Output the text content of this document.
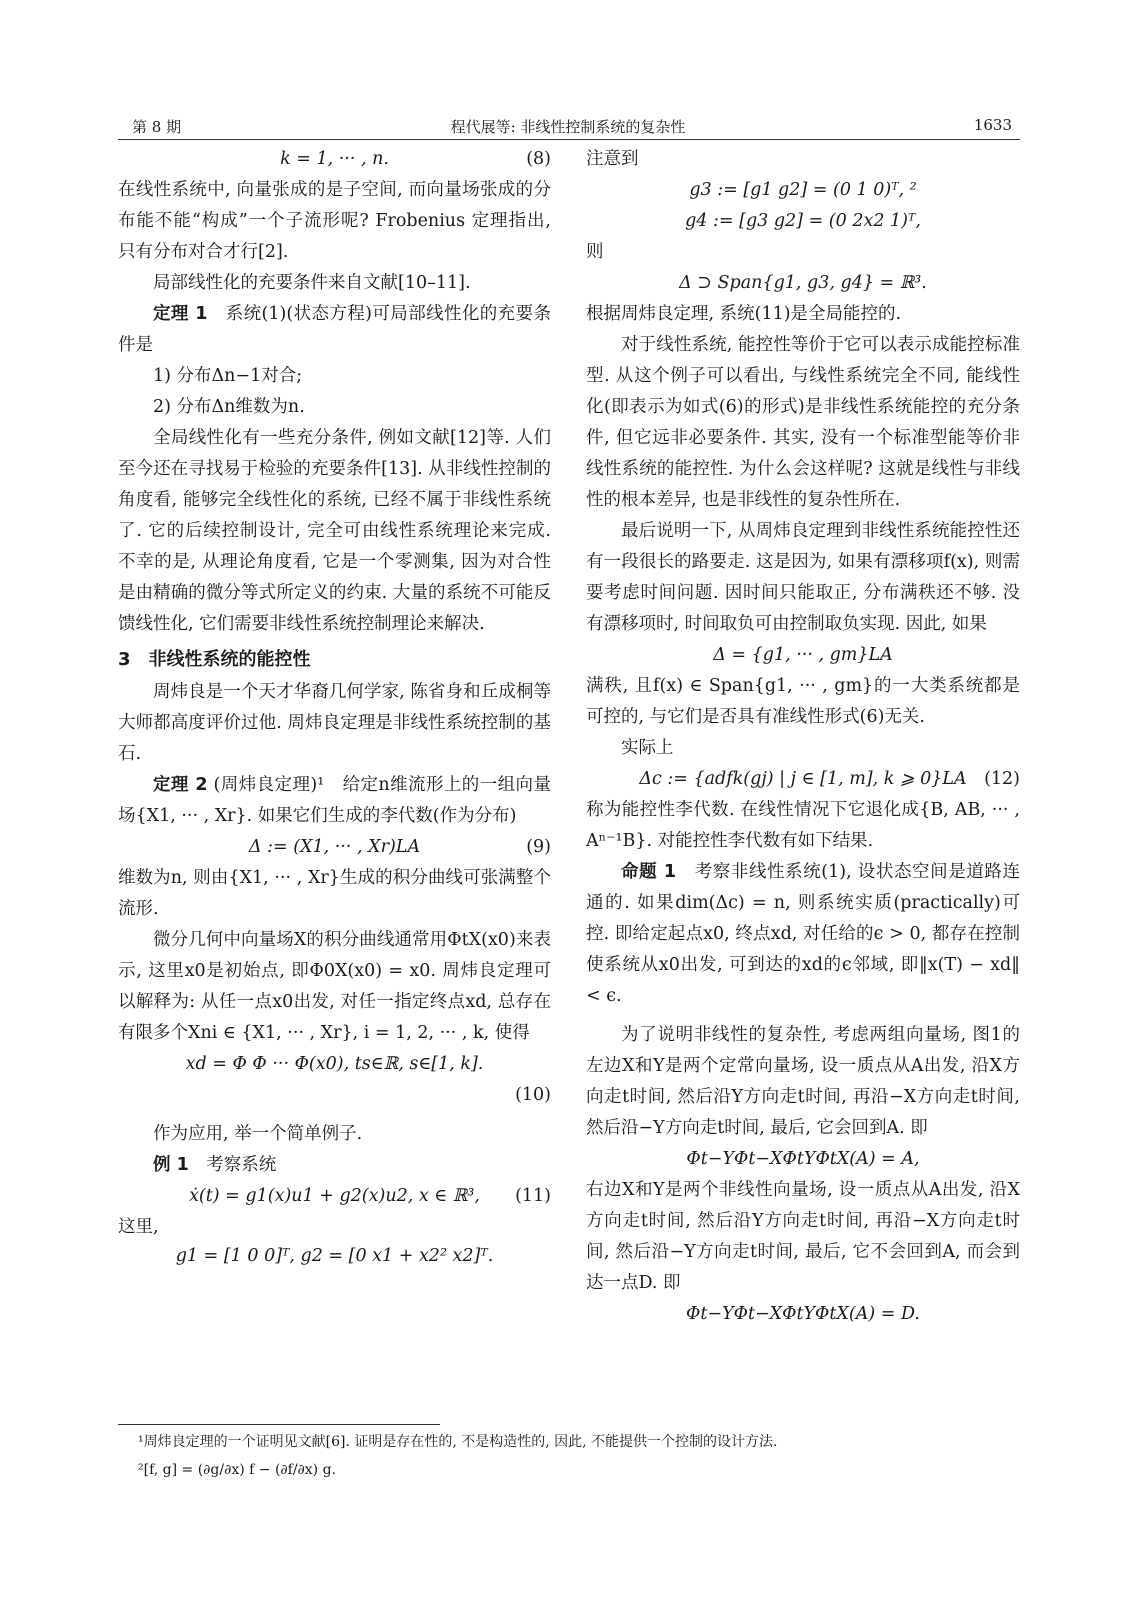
第 8 期	程代展等: 非线性控制系统的复杂性	1633
k = 1, ··· , n.	(8)

在线性系统中, 向量张成的是子空间, 而向量场张成的分布能不能“构成”一个子流形呢? Frobenius 定理指出, 只有分布对合才行[2].

局部线性化的充要条件来自文献[10–11].

定理 1　 系统(1)(状态方程)可局部线性化的充要条件是

1) 分布Δn−1对合;

2) 分布Δn维数为n.

全局线性化有一些充分条件, 例如文献[12]等. 人们至今还在寻找易于检验的充要条件[13]. 从非线性控制的角度看, 能够完全线性化的系统, 已经不属于非线性系统了. 它的后续控制设计, 完全可由线性系统理论来完成. 不幸的是, 从理论角度看, 它是一个零测集, 因为对合性是由精确的微分等式所定义的约束. 大量的系统不可能反馈线性化, 它们需要非线性系统控制理论来解决.

3　非线性系统的能控性

周炜良是一个天才华裔几何学家, 陈省身和丘成桐等大师都高度评价过他. 周炜良定理是非线性系统控制的基石.

定理 2 (周炜良定理)¹　给定n维流形上的一组向量场{X1, ··· , Xr}. 如果它们生成的李代数(作为分布)

Δ := (X1, ··· , Xr)LA	(9)

维数为n, 则由{X1, ··· , Xr}生成的积分曲线可张满整个流形.

微分几何中向量场X的积分曲线通常用ΦtX(x0)来表示, 这里x0是初始点, 即Φ0X(x0) = x0. 周炜良定理可以解释为: 从任一点x0出发, 对任一指定终点xd, 总存在有限多个Xni ∈ {X1, ··· , Xr}, i = 1, 2, ··· , k, 使得

xd = Φ Φ ··· Φ(x0), ts∈ℝ, s∈[1, k].
(10)

作为应用, 举一个简单例子.

例 1　 考察系统

ẋ(t) = g1(x)u1 + g2(x)u2, x ∈ ℝ³, (11)

这里,

g1 = [1 0 0]ᵀ, g2 = [0 x1 + x2² x2]ᵀ.

注意到

g3 := [g1 g2] = (0 1 0)ᵀ, ²
g4 := [g3 g2] = (0 2x2 1)ᵀ,

则

Δ ⊃ Span{g1, g3, g4} = ℝ³.

根据周炜良定理, 系统(11)是全局能控的.

对于线性系统, 能控性等价于它可以表示成能控标准型. 从这个例子可以看出, 与线性系统完全不同, 能线性化(即表示为如式(6)的形式)是非线性系统能控的充分条件, 但它远非必要条件. 其实, 没有一个标准型能等价非线性系统的能控性. 为什么会这样呢? 这就是线性与非线性的根本差异, 也是非线性的复杂性所在.

最后说明一下, 从周炜良定理到非线性系统能控性还有一段很长的路要走. 这是因为, 如果有漂移项f(x), 则需要考虑时间问题. 因时间只能取正, 分布满秩还不够. 没有漂移项时, 时间取负可由控制取负实现. 因此, 如果

Δ = {g1, ··· , gm}LA

满秩, 且f(x) ∈ Span{g1, ··· , gm}的一大类系统都是可控的, 与它们是否具有准线性形式(6)无关.

实际上

Δc := {adfk(gj) | j ∈ [1, m], k ⩾ 0}LA (12)

称为能控性李代数. 在线性情况下它退化成{B, AB, ··· , Aⁿ⁻¹B}. 对能控性李代数有如下结果.

命题 1　 考察非线性系统(1), 设状态空间是道路连通的. 如果dim(Δc) = n, 则系统实质(practically)可控. 即给定起点x0, 终点xd, 对任给的ϵ > 0, 都存在控制使系统从x0出发, 可到达的xd的ϵ邻域, 即‖x(T) − xd‖ < ϵ.

为了说明非线性的复杂性, 考虑两组向量场, 图1的左边X和Y是两个定常向量场, 设一质点从A出发, 沿X方向走t时间, 然后沿Y方向走t时间, 再沿−X方向走t时间, 然后沿−Y方向走t时间, 最后, 它会回到A. 即

Φt−YΦt−XΦtYΦtX(A) = A,

右边X和Y是两个非线性向量场, 设一质点从A出发, 沿X方向走t时间, 然后沿Y方向走t时间, 再沿−X方向走t时间, 然后沿−Y方向走t时间, 最后, 它不会回到A, 而会到达一点D. 即

Φt−YΦt−XΦtYΦtX(A) = D.

¹周炜良定理的一个证明见文献[6]. 证明是存在性的, 不是构造性的, 因此, 不能提供一个控制的设计方法.

²[f, g] = (∂g/∂x) f − (∂f/∂x) g.
